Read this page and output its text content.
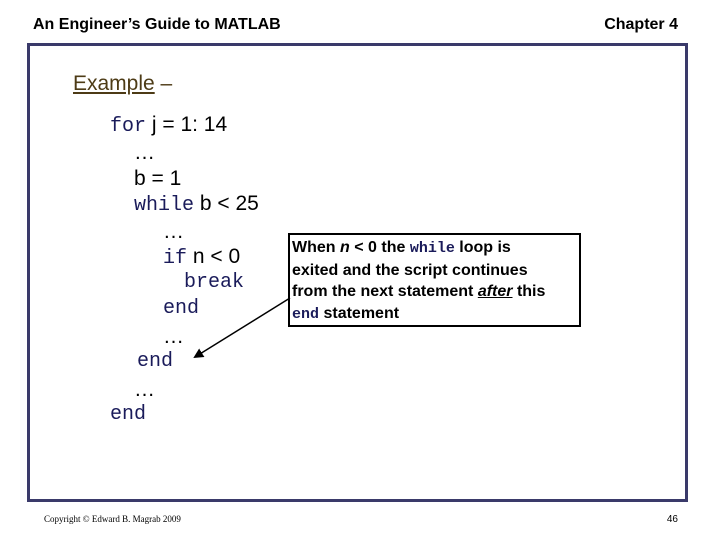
An Engineer’s Guide to MATLAB	Chapter 4
Example –
for j = 1: 14
…
b = 1
while b < 25
…
if n < 0
break
end
…
end
…
end
When n < 0 the while loop is
exited and the script continues
from the next statement after this
end statement
Copyright © Edward B. Magrab 2009	46
